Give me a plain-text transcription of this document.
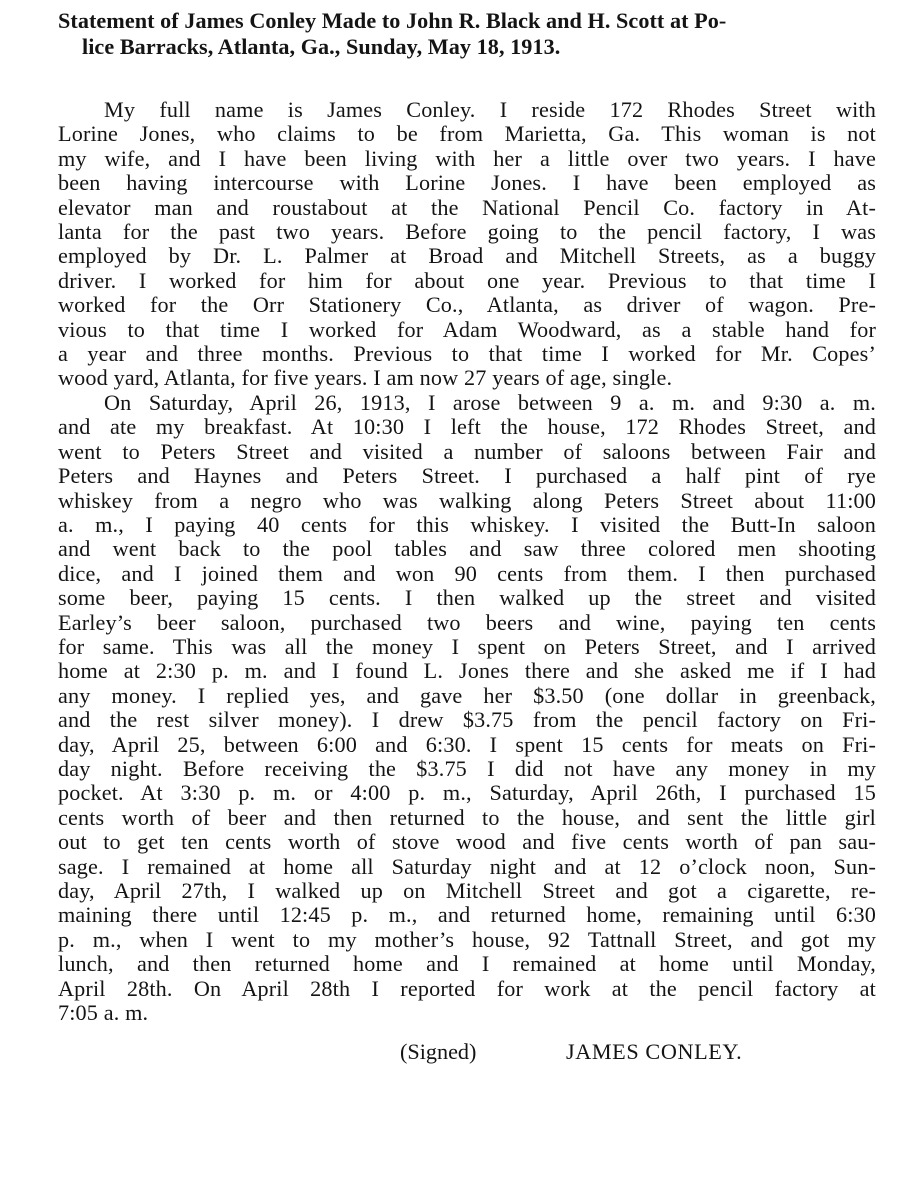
Statement of James Conley Made to John R. Black and H. Scott at Po-
lice Barracks, Atlanta, Ga., Sunday, May 18, 1913.

My full name is James Conley. I reside 172 Rhodes Street with
Lorine Jones, who claims to be from Marietta, Ga. This woman is not
my wife, and I have been living with her a little over two years. I have
been having intercourse with Lorine Jones. I have been employed as
elevator man and roustabout at the National Pencil Co. factory in At-
lanta for the past two years. Before going to the pencil factory, I was
employed by Dr. L. Palmer at Broad and Mitchell Streets, as a buggy
driver. I worked for him for about one year. Previous to that time I
worked for the Orr Stationery Co., Atlanta, as driver of wagon. Pre-
vious to that time I worked for Adam Woodward, as a stable hand for
a year and three months. Previous to that time I worked for Mr. Copes’
wood yard, Atlanta, for five years. I am now 27 years of age, single.

On Saturday, April 26, 1913, I arose between 9 a. m. and 9:30 a. m.
and ate my breakfast. At 10:30 I left the house, 172 Rhodes Street, and
went to Peters Street and visited a number of saloons between Fair and
Peters and Haynes and Peters Street. I purchased a half pint of rye
whiskey from a negro who was walking along Peters Street about 11:00
a. m., I paying 40 cents for this whiskey. I visited the Butt-In saloon
and went back to the pool tables and saw three colored men shooting
dice, and I joined them and won 90 cents from them. I then purchased
some beer, paying 15 cents. I then walked up the street and visited
Earley’s beer saloon, purchased two beers and wine, paying ten cents
for same. This was all the money I spent on Peters Street, and I arrived
home at 2:30 p. m. and I found L. Jones there and she asked me if I had
any money. I replied yes, and gave her $3.50 (one dollar in greenback,
and the rest silver money). I drew $3.75 from the pencil factory on Fri-
day, April 25, between 6:00 and 6:30. I spent 15 cents for meats on Fri-
day night. Before receiving the $3.75 I did not have any money in my
pocket. At 3:30 p. m. or 4:00 p. m., Saturday, April 26th, I purchased 15
cents worth of beer and then returned to the house, and sent the little girl
out to get ten cents worth of stove wood and five cents worth of pan sau-
sage. I remained at home all Saturday night and at 12 o’clock noon, Sun-
day, April 27th, I walked up on Mitchell Street and got a cigarette, re-
maining there until 12:45 p. m., and returned home, remaining until 6:30
p. m., when I went to my mother’s house, 92 Tattnall Street, and got my
lunch, and then returned home and I remained at home until Monday,
April 28th. On April 28th I reported for work at the pencil factory at
7:05 a. m.

(Signed)	JAMES CONLEY.
